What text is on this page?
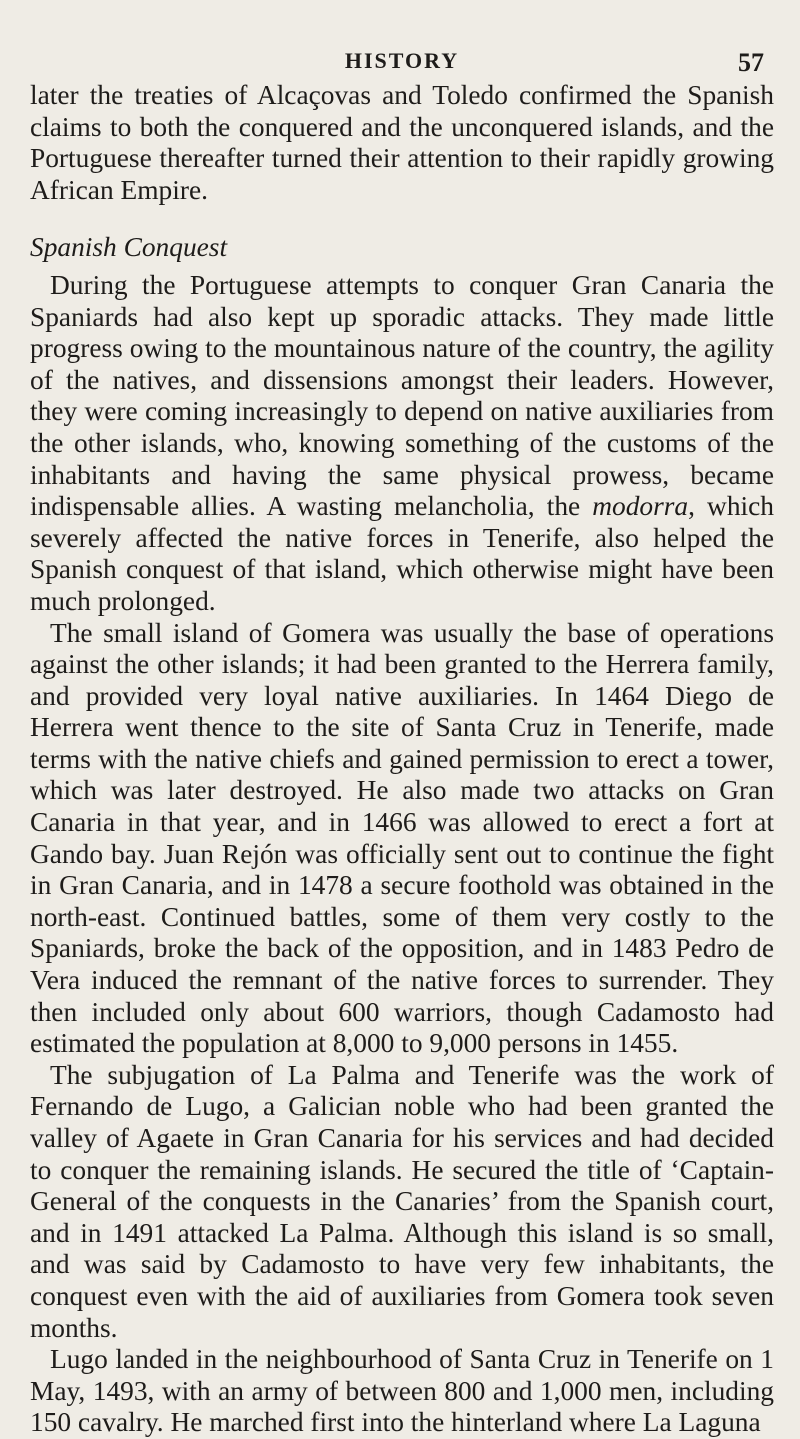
HISTORY	57

later the treaties of Alcaçovas and Toledo confirmed the Spanish claims to both the conquered and the unconquered islands, and the Portuguese thereafter turned their attention to their rapidly growing African Empire.

Spanish Conquest

During the Portuguese attempts to conquer Gran Canaria the Spaniards had also kept up sporadic attacks. They made little progress owing to the mountainous nature of the country, the agility of the natives, and dissensions amongst their leaders. However, they were coming increasingly to depend on native auxiliaries from the other islands, who, knowing something of the customs of the inhabitants and having the same physical prowess, became indispensable allies. A wasting melancholia, the modorra, which severely affected the native forces in Tenerife, also helped the Spanish conquest of that island, which otherwise might have been much prolonged.

The small island of Gomera was usually the base of operations against the other islands; it had been granted to the Herrera family, and provided very loyal native auxiliaries. In 1464 Diego de Herrera went thence to the site of Santa Cruz in Tenerife, made terms with the native chiefs and gained permission to erect a tower, which was later destroyed. He also made two attacks on Gran Canaria in that year, and in 1466 was allowed to erect a fort at Gando bay. Juan Rejón was officially sent out to continue the fight in Gran Canaria, and in 1478 a secure foothold was obtained in the north-east. Continued battles, some of them very costly to the Spaniards, broke the back of the opposition, and in 1483 Pedro de Vera induced the remnant of the native forces to surrender. They then included only about 600 warriors, though Cadamosto had estimated the population at 8,000 to 9,000 persons in 1455.

The subjugation of La Palma and Tenerife was the work of Fernando de Lugo, a Galician noble who had been granted the valley of Agaete in Gran Canaria for his services and had decided to conquer the remaining islands. He secured the title of ‘Captain-General of the conquests in the Canaries’ from the Spanish court, and in 1491 attacked La Palma. Although this island is so small, and was said by Cadamosto to have very few inhabitants, the conquest even with the aid of auxiliaries from Gomera took seven months.

Lugo landed in the neighbourhood of Santa Cruz in Tenerife on 1 May, 1493, with an army of between 800 and 1,000 men, including 150 cavalry. He marched first into the hinterland where La Laguna
